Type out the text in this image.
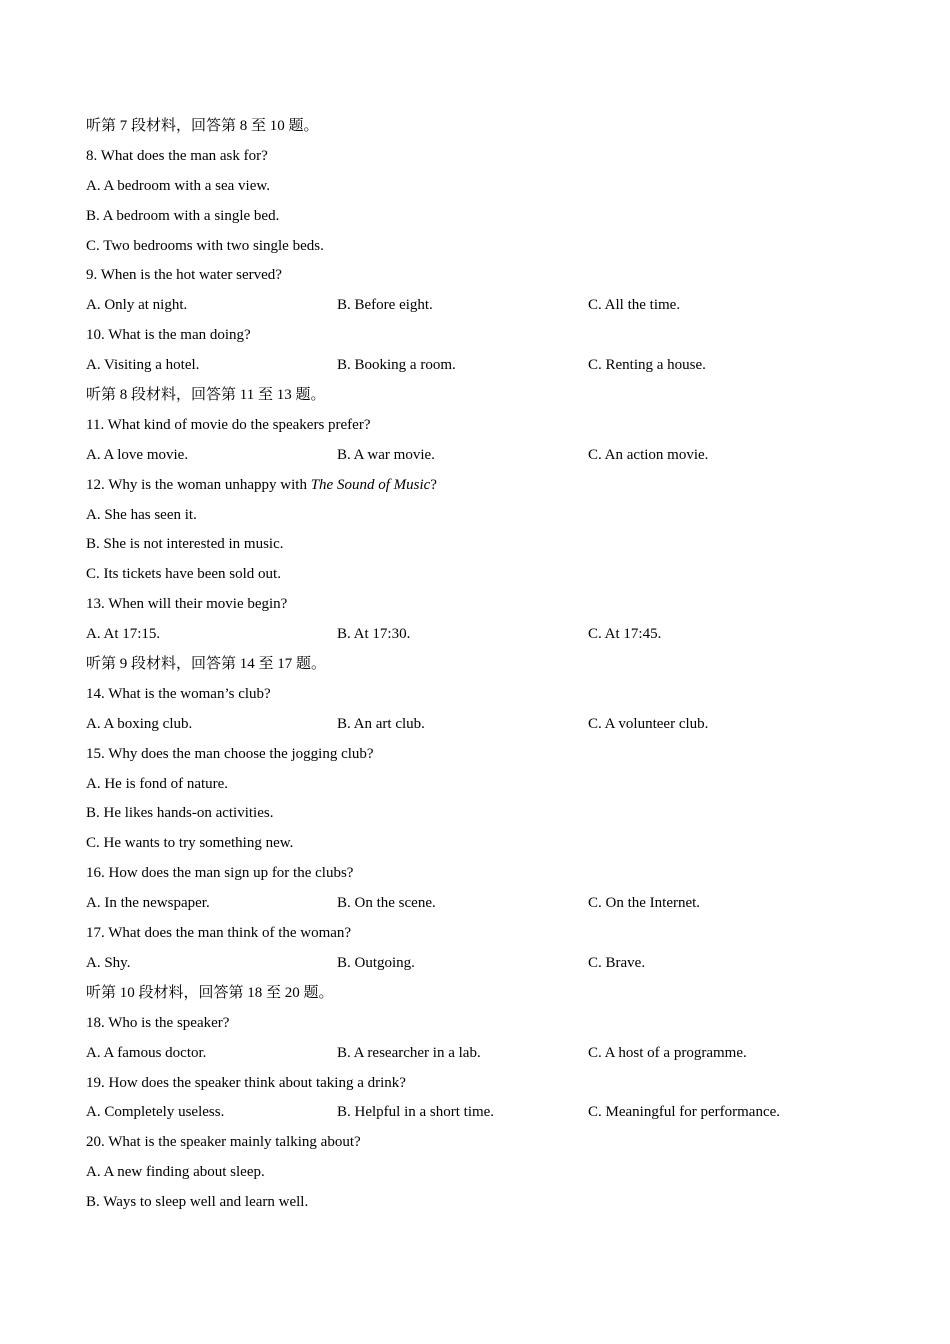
听第 7 段材料，回答第 8 至 10 题。
8. What does the man ask for?
A. A bedroom with a sea view.
B. A bedroom with a single bed.
C. Two bedrooms with two single beds.
9. When is the hot water served?
A. Only at night.	B. Before eight.	C. All the time.
10. What is the man doing?
A. Visiting a hotel.	B. Booking a room.	C. Renting a house.
听第 8 段材料，回答第 11 至 13 题。
11. What kind of movie do the speakers prefer?
A. A love movie.	B. A war movie.	C. An action movie.
12. Why is the woman unhappy with The Sound of Music?
A. She has seen it.
B. She is not interested in music.
C. Its tickets have been sold out.
13. When will their movie begin?
A. At 17:15.	B. At 17:30.	C. At 17:45.
听第 9 段材料，回答第 14 至 17 题。
14. What is the woman’s club?
A. A boxing club.	B. An art club.	C. A volunteer club.
15. Why does the man choose the jogging club?
A. He is fond of nature.
B. He likes hands-on activities.
C. He wants to try something new.
16. How does the man sign up for the clubs?
A. In the newspaper.	B. On the scene.	C. On the Internet.
17. What does the man think of the woman?
A. Shy.	B. Outgoing.	C. Brave.
听第 10 段材料，回答第 18 至 20 题。
18. Who is the speaker?
A. A famous doctor.	B. A researcher in a lab.	C. A host of a programme.
19. How does the speaker think about taking a drink?
A. Completely useless.	B. Helpful in a short time.	C. Meaningful for performance.
20. What is the speaker mainly talking about?
A. A new finding about sleep.
B. Ways to sleep well and learn well.
